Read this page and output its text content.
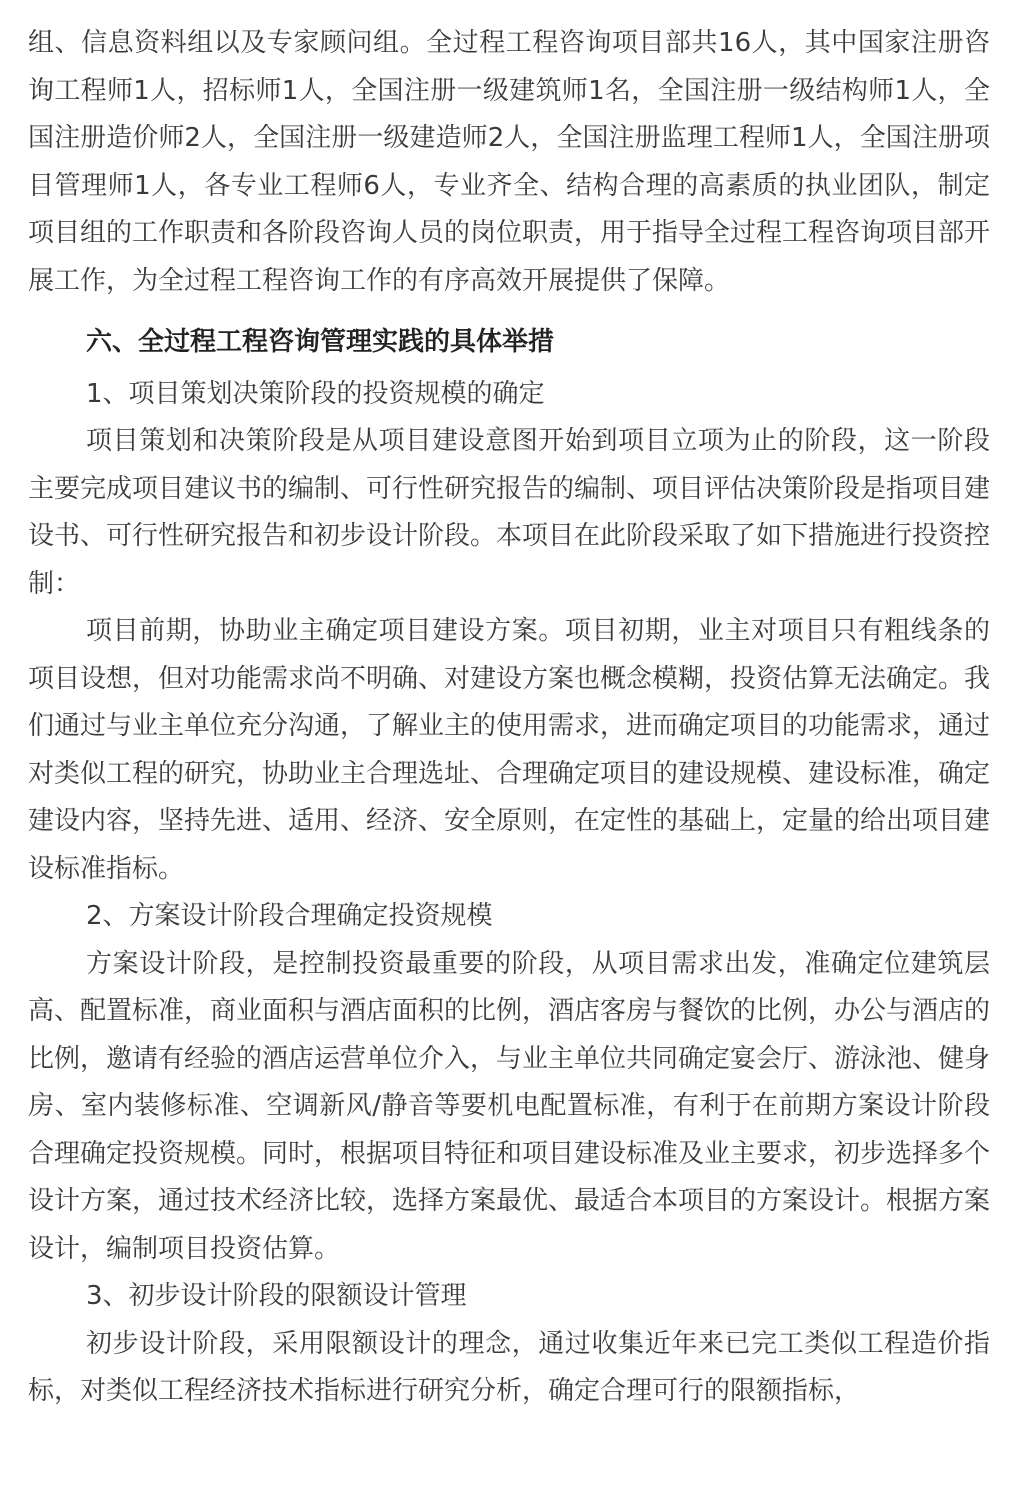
组、信息资料组以及专家顾问组。全过程工程咨询项目部共16人，其中国家注册咨询工程师1人，招标师1人，全国注册一级建筑师1名，全国注册一级结构师1人，全国注册造价师2人，全国注册一级建造师2人，全国注册监理工程师1人，全国注册项目管理师1人，各专业工程师6人，专业齐全、结构合理的高素质的执业团队，制定项目组的工作职责和各阶段咨询人员的岗位职责，用于指导全过程工程咨询项目部开展工作，为全过程工程咨询工作的有序高效开展提供了保障。

六、全过程工程咨询管理实践的具体举措

1、项目策划决策阶段的投资规模的确定

项目策划和决策阶段是从项目建设意图开始到项目立项为止的阶段，这一阶段主要完成项目建议书的编制、可行性研究报告的编制、项目评估决策阶段是指项目建设书、可行性研究报告和初步设计阶段。本项目在此阶段采取了如下措施进行投资控制：

项目前期，协助业主确定项目建设方案。项目初期，业主对项目只有粗线条的项目设想，但对功能需求尚不明确、对建设方案也概念模糊，投资估算无法确定。我们通过与业主单位充分沟通，了解业主的使用需求，进而确定项目的功能需求，通过对类似工程的研究，协助业主合理选址、合理确定项目的建设规模、建设标准，确定建设内容，坚持先进、适用、经济、安全原则，在定性的基础上，定量的给出项目建设标准指标。

2、方案设计阶段合理确定投资规模

方案设计阶段，是控制投资最重要的阶段，从项目需求出发，准确定位建筑层高、配置标准，商业面积与酒店面积的比例，酒店客房与餐饮的比例，办公与酒店的比例，邀请有经验的酒店运营单位介入，与业主单位共同确定宴会厅、游泳池、健身房、室内装修标准、空调新风/静音等要机电配置标准，有利于在前期方案设计阶段合理确定投资规模。同时，根据项目特征和项目建设标准及业主要求，初步选择多个设计方案，通过技术经济比较，选择方案最优、最适合本项目的方案设计。根据方案设计，编制项目投资估算。

3、初步设计阶段的限额设计管理

初步设计阶段，采用限额设计的理念，通过收集近年来已完工类似工程造价指标，对类似工程经济技术指标进行研究分析，确定合理可行的限额指标，
